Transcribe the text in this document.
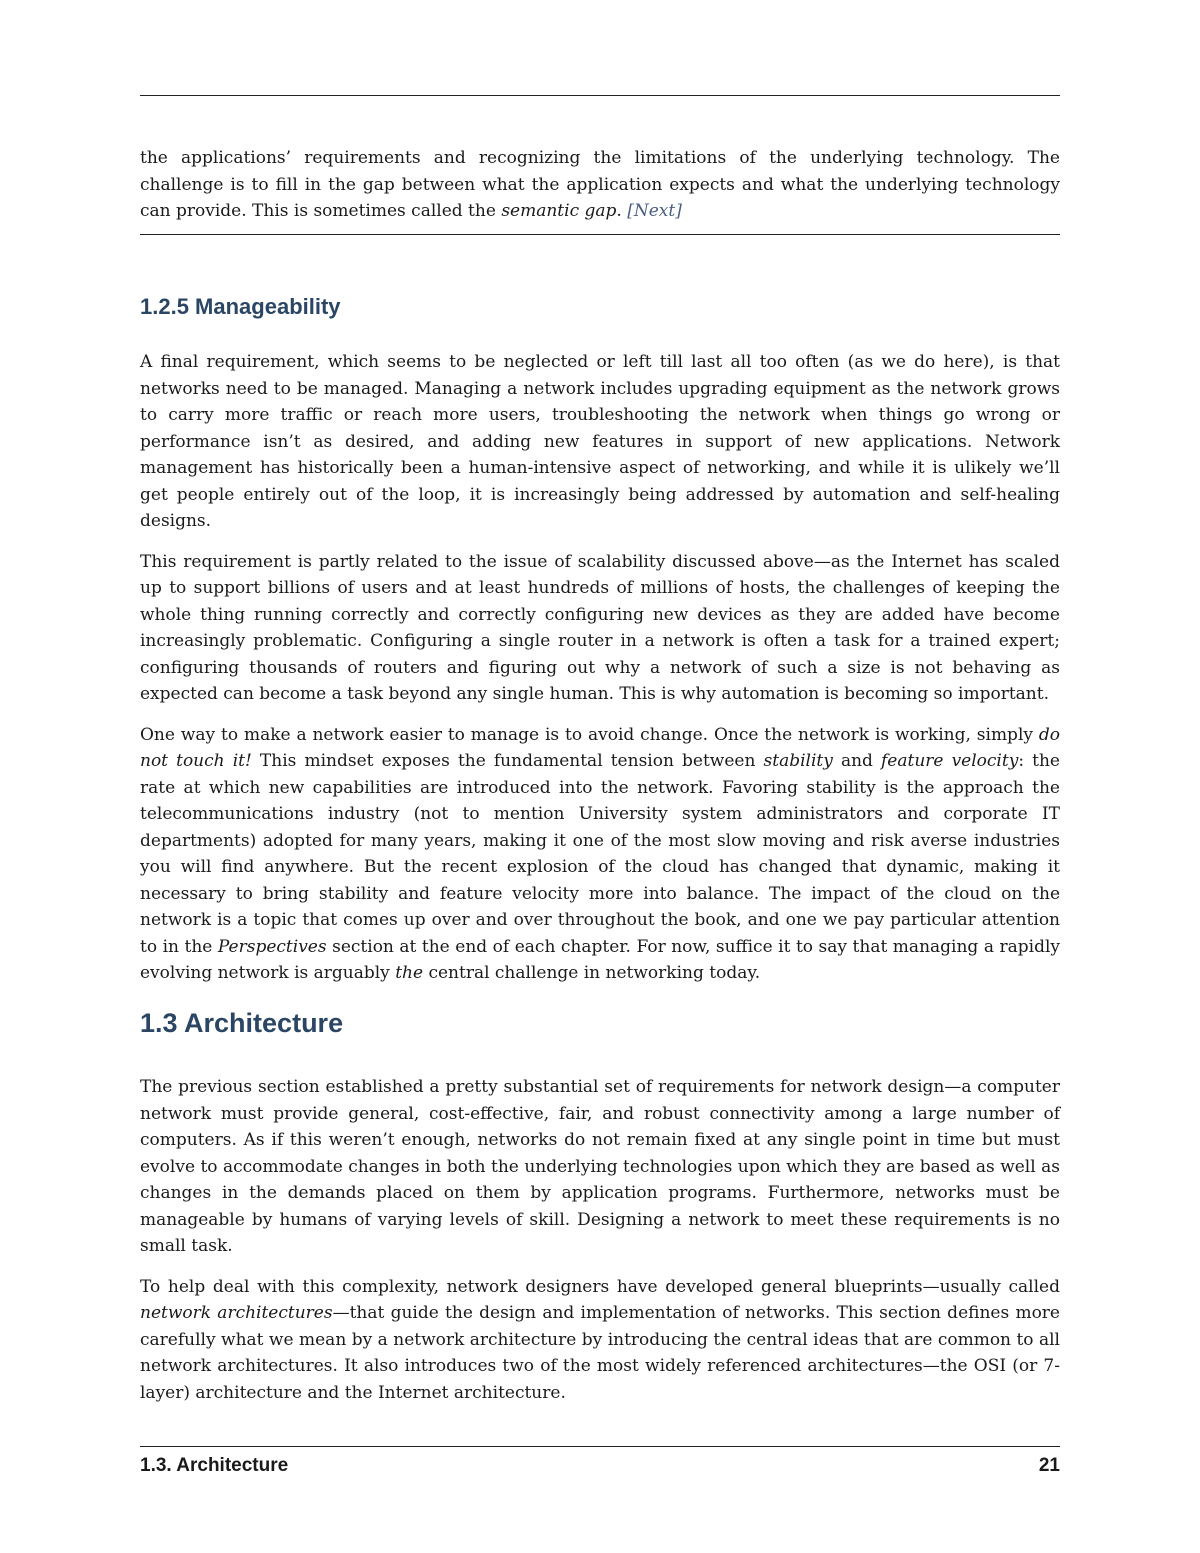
the applications’ requirements and recognizing the limitations of the underlying technology. The challenge is to fill in the gap between what the application expects and what the underlying technology can provide. This is sometimes called the semantic gap. [Next]
1.2.5 Manageability

A final requirement, which seems to be neglected or left till last all too often (as we do here), is that networks need to be managed. Managing a network includes upgrading equipment as the network grows to carry more traffic or reach more users, troubleshooting the network when things go wrong or performance isn’t as desired, and adding new features in support of new applications. Network management has historically been a human-intensive aspect of networking, and while it is ulikely we’ll get people entirely out of the loop, it is increasingly being addressed by automation and self-healing designs.

This requirement is partly related to the issue of scalability discussed above—as the Internet has scaled up to support billions of users and at least hundreds of millions of hosts, the challenges of keeping the whole thing running correctly and correctly configuring new devices as they are added have become increasingly problematic. Configuring a single router in a network is often a task for a trained expert; configuring thousands of routers and figuring out why a network of such a size is not behaving as expected can become a task beyond any single human. This is why automation is becoming so important.

One way to make a network easier to manage is to avoid change. Once the network is working, simply do not touch it! This mindset exposes the fundamental tension between stability and feature velocity: the rate at which new capabilities are introduced into the network. Favoring stability is the approach the telecommunications industry (not to mention University system administrators and corporate IT departments) adopted for many years, making it one of the most slow moving and risk averse industries you will find anywhere. But the recent explosion of the cloud has changed that dynamic, making it necessary to bring stability and feature velocity more into balance. The impact of the cloud on the network is a topic that comes up over and over throughout the book, and one we pay particular attention to in the Perspectives section at the end of each chapter. For now, suffice it to say that managing a rapidly evolving network is arguably the central challenge in networking today.

1.3 Architecture

The previous section established a pretty substantial set of requirements for network design—a computer network must provide general, cost-effective, fair, and robust connectivity among a large number of computers. As if this weren’t enough, networks do not remain fixed at any single point in time but must evolve to accommodate changes in both the underlying technologies upon which they are based as well as changes in the demands placed on them by application programs. Furthermore, networks must be manageable by humans of varying levels of skill. Designing a network to meet these requirements is no small task.

To help deal with this complexity, network designers have developed general blueprints—usually called network architectures—that guide the design and implementation of networks. This section defines more carefully what we mean by a network architecture by introducing the central ideas that are common to all network architectures. It also introduces two of the most widely referenced architectures—the OSI (or 7-layer) architecture and the Internet architecture.

1.3. Architecture	21
